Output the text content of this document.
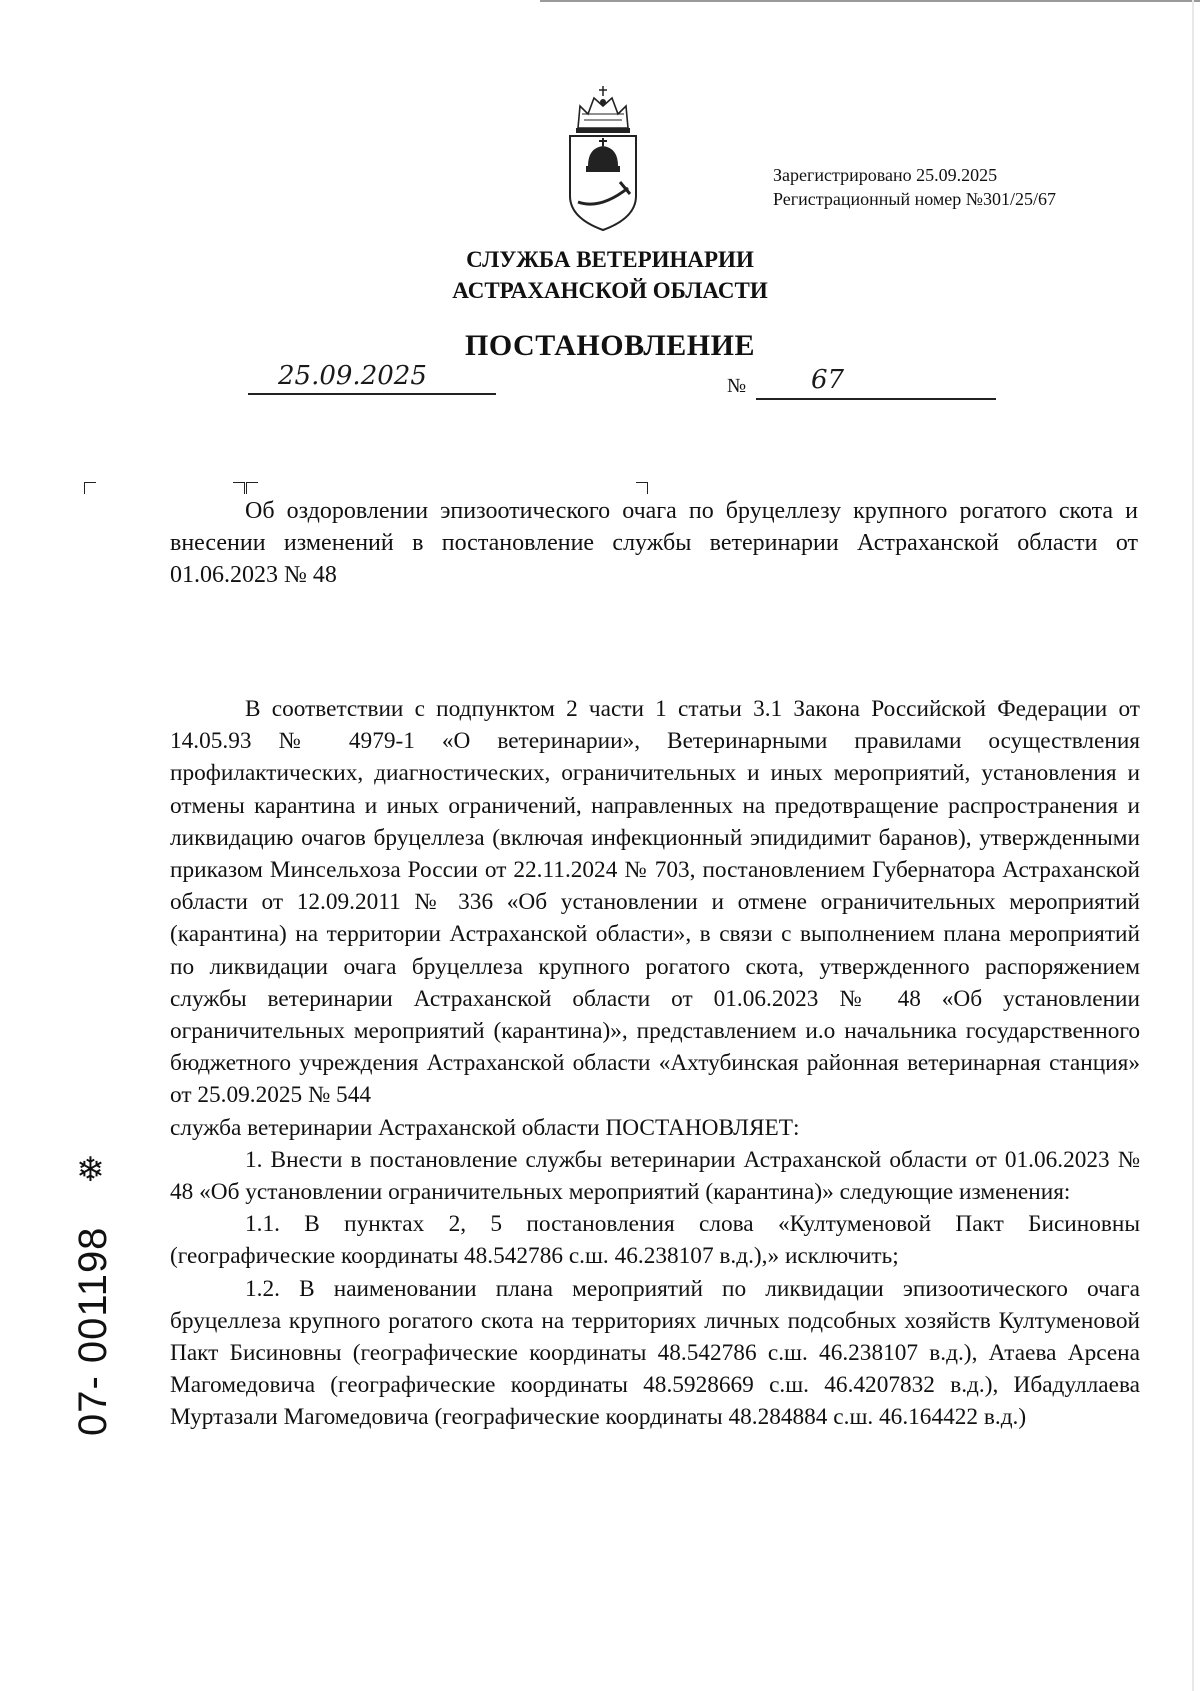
Зарегистрировано 25.09.2025
Регистрационный номер №301/25/67
СЛУЖБА ВЕТЕРИНАРИИ
АСТРАХАНСКОЙ ОБЛАСТИ
ПОСТАНОВЛЕНИЕ
25.09.2025	№ 67
Об оздоровлении эпизоотического очага по бруцеллезу крупного рогатого скота и внесении изменений в постановление службы ветеринарии Астраханской области от 01.06.2023 № 48

В соответствии с подпунктом 2 части 1 статьи 3.1 Закона Российской Федерации от 14.05.93 № 4979-1 «О ветеринарии», Ветеринарными правилами осуществления профилактических, диагностических, ограничительных и иных мероприятий, установления и отмены карантина и иных ограничений, направленных на предотвращение распространения и ликвидацию очагов бруцеллеза (включая инфекционный эпидидимит баранов), утвержденными приказом Минсельхоза России от 22.11.2024 № 703, постановлением Губернатора Астраханской области от 12.09.2011 № 336 «Об установлении и отмене ограничительных мероприятий (карантина) на территории Астраханской области», в связи с выполнением плана мероприятий по ликвидации очага бруцеллеза крупного рогатого скота, утвержденного распоряжением службы ветеринарии Астраханской области от 01.06.2023 № 48 «Об установлении ограничительных мероприятий (карантина)», представлением и.о начальника государственного бюджетного учреждения Астраханской области «Ахтубинская районная ветеринарная станция» от 25.09.2025 № 544

служба ветеринарии Астраханской области ПОСТАНОВЛЯЕТ:

1. Внести в постановление службы ветеринарии Астраханской области от 01.06.2023 № 48 «Об установлении ограничительных мероприятий (карантина)» следующие изменения:

1.1. В пунктах 2, 5 постановления слова «Култуменовой Пакт Бисиновны (географические координаты 48.542786 с.ш. 46.238107 в.д.),» исключить;

1.2. В наименовании плана мероприятий по ликвидации эпизоотического очага бруцеллеза крупного рогатого скота на территориях личных подсобных хозяйств Култуменовой Пакт Бисиновны (географические координаты 48.542786 с.ш. 46.238107 в.д.), Атаева Арсена Магомедовича (географические координаты 48.5928669 с.ш. 46.4207832 в.д.), Ибадуллаева Муртазали Магомедовича (географические координаты 48.284884 с.ш. 46.164422 в.д.)

❄
07- 001198
